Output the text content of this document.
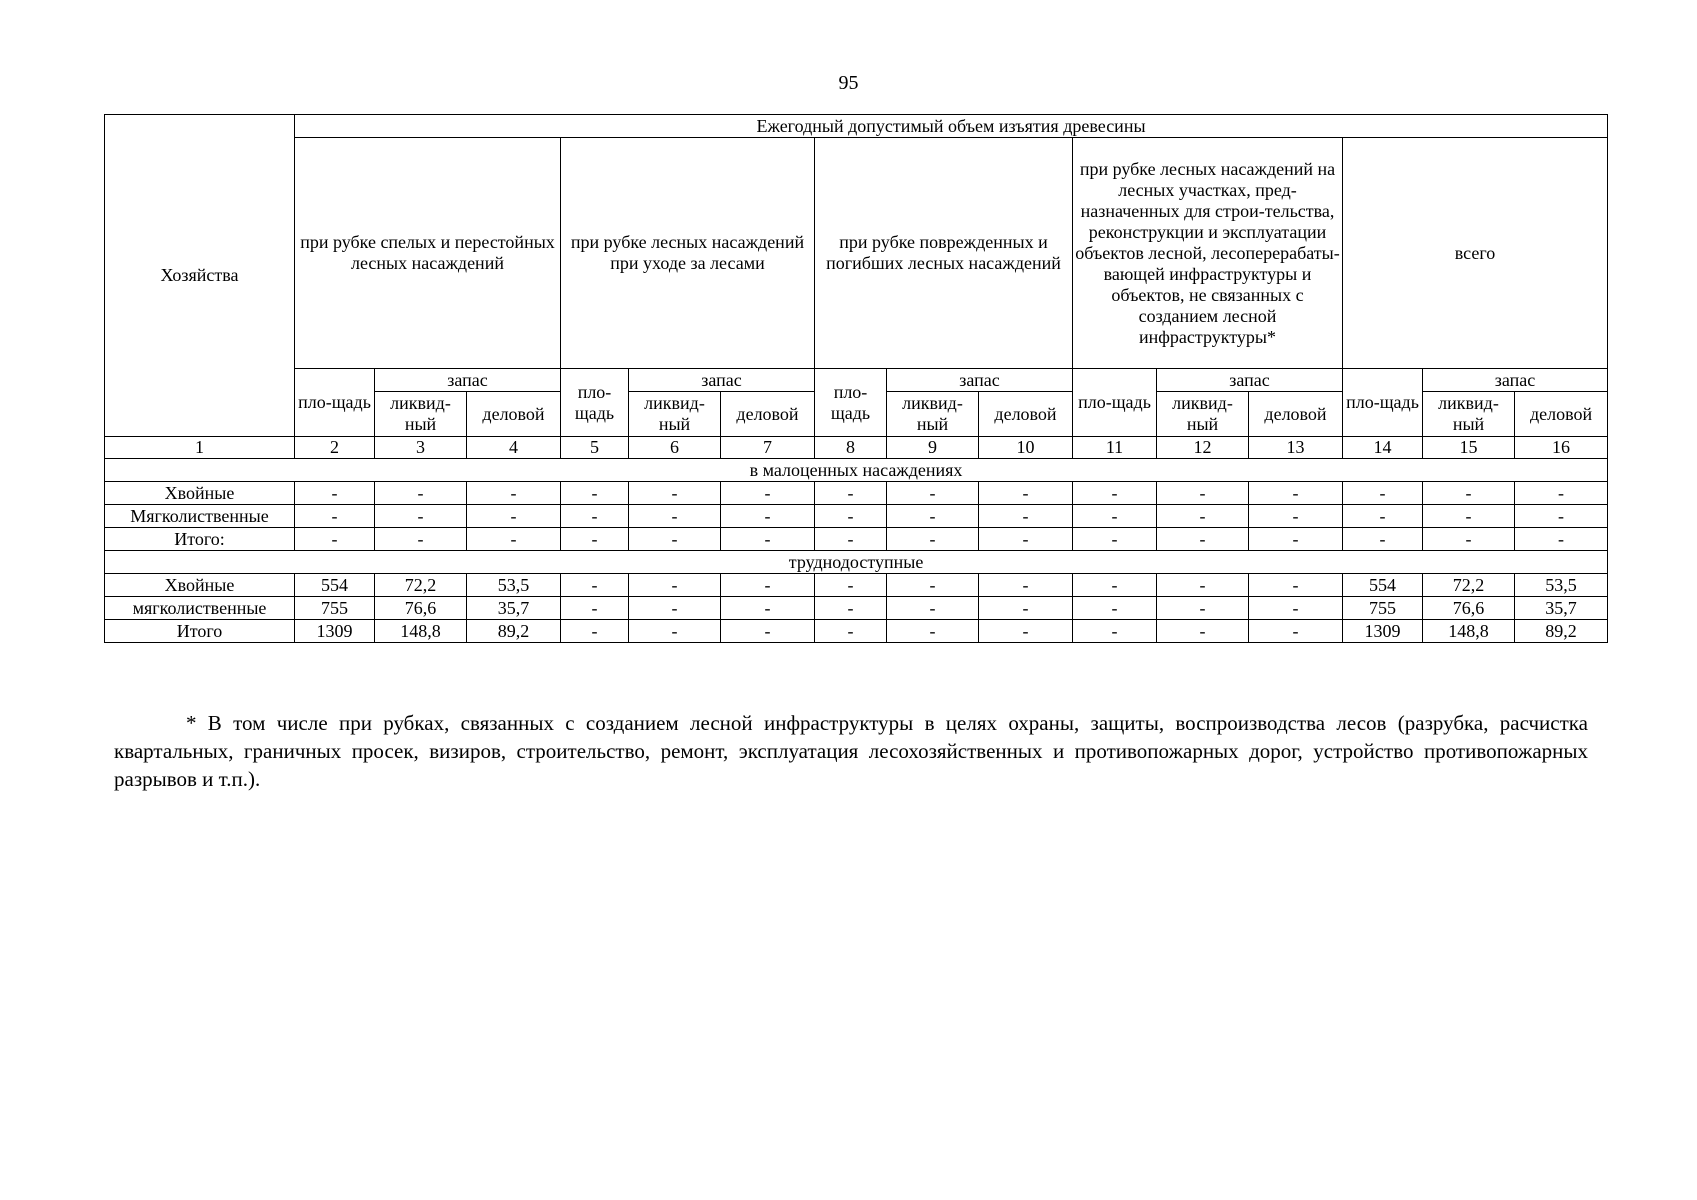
95
Хозяйства	Ежегодный допустимый объем изъятия древесины														
	при рубке спелых и перестойных лесных насаждений			при рубке лесных насаждений при уходе за лесами			при рубке поврежденных и погибших лесных насаждений			при рубке лесных насаждений на лесных участках, пред-назначенных для строи-тельства, реконструкции и эксплуатации объектов лесной, лесоперерабаты-вающей инфраструктуры и объектов, не связанных с созданием лесной инфраструктуры*			всего		
	пло-щадь	запас		пло-щадь	запас		пло-щадь	запас		пло-щадь	запас		пло-щадь	запас	
		ликвид-ный	деловой		ликвид-ный	деловой		ликвид-ный	деловой		ликвид-ный	деловой		ликвид-ный	деловой
1	2	3	4	5	6	7	8	9	10	11	12	13	14	15	16
в малоценных насаждениях															
Хвойные	-	-	-	-	-	-	-	-	-	-	-	-	-	-	-
Мягколиственные	-	-	-	-	-	-	-	-	-	-	-	-	-	-	-
Итого:	-	-	-	-	-	-	-	-	-	-	-	-	-	-	-
труднодоступные															
Хвойные	554	72,2	53,5	-	-	-	-	-	-	-	-	-	554	72,2	53,5
мягколиственные	755	76,6	35,7	-	-	-	-	-	-	-	-	-	755	76,6	35,7
Итого	1309	148,8	89,2	-	-	-	-	-	-	-	-	-	1309	148,8	89,2

* В том числе при рубках, связанных с созданием лесной инфраструктуры в целях охраны, защиты, воспроизводства лесов (разрубка, расчистка квартальных, граничных просек, визиров, строительство, ремонт, эксплуатация лесохозяйственных и противопожарных дорог, устройство противопожарных разрывов и т.п.).
